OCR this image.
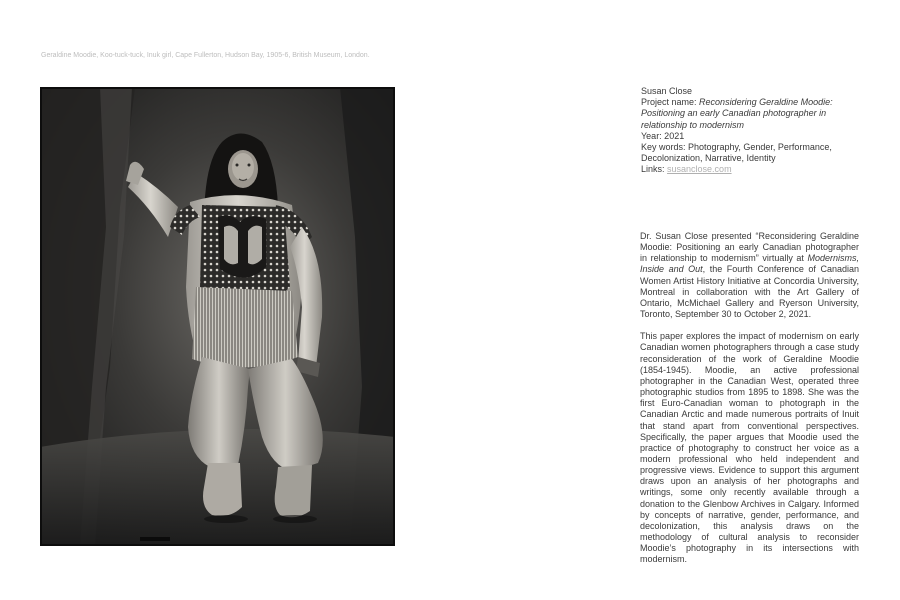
Geraldine Moodie, Koo-tuck-tuck, Inuk girl, Cape Fullerton, Hudson Bay, 1905-6, British Museum, London.
Susan Close
Project name: Reconsidering Geraldine Moodie: Positioning an early Canadian photographer in relationship to modernism
Year: 2021
Key words: Photography, Gender, Performance, Decolonization, Narrative, Identity
Links: susanclose.com

Dr. Susan Close presented “Reconsidering Geraldine Moodie: Positioning an early Canadian photographer in relationship to modernism” virtually at Modernisms, Inside and Out, the Fourth Conference of Canadian Women Artist History Initiative at Concordia University, Montreal in collaboration with the Art Gallery of Ontario, McMichael Gallery and Ryerson University, Toronto, September 30 to October 2, 2021.

This paper explores the impact of modernism on early Canadian women photographers through a case study reconsideration of the work of Geraldine Moodie (1854-1945). Moodie, an active professional photographer in the Canadian West, operated three photographic studios from 1895 to 1898. She was the first Euro-Canadian woman to photograph in the Canadian Arctic and made numerous portraits of Inuit that stand apart from conventional perspectives. Specifically, the paper argues that Moodie used the practice of photography to construct her voice as a modern professional who held independent and progressive views. Evidence to support this argument draws upon an analysis of her photographs and writings, some only recently available through a donation to the Glenbow Archives in Calgary. Informed by concepts of narrative, gender, performance, and decolonization, this analysis draws on the methodology of cultural analysis to reconsider Moodie’s photography in its intersections with modernism.
